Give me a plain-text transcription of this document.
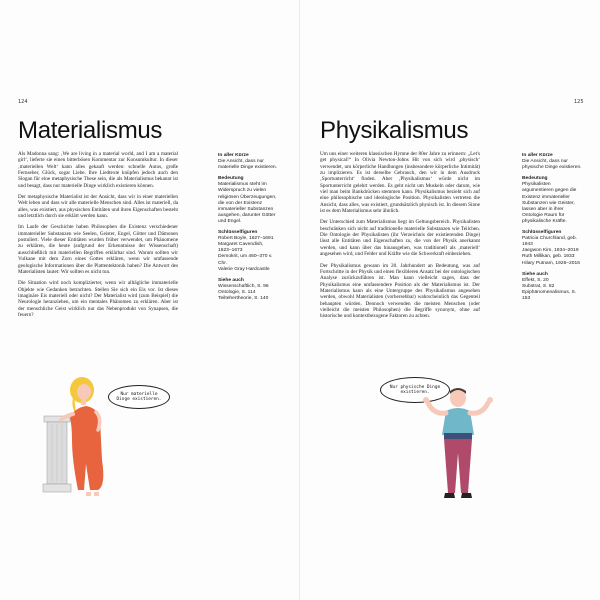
124
Materialismus

Als Madonna sang: ‚We are living in a material world, and I am a material girl‘, lieferte sie einen bitterbösen Kommentar zur Konsumkultur. In dieser ‚materiellen Welt‘ kann alles gekauft werden: schnelle Autos, große Fernseher, Glück, sogar Liebe. Ihre Liedtexte knüpfen jedoch auch den Slogan für eine metaphysische These sein, die als Materialismus bekannt ist und besagt, dass nur materielle Dinge wirklich existieren können.

Der metaphysische Materialist ist der Ansicht, dass wir in einer materiellen Welt leben und dass wir alle materielle Menschen sind. Alles ist materiell, da alles, was existiert, aus physischen Entitäten und ihren Eigenschaften besteht und letztlich durch sie erklärt werden kann.

Im Laufe der Geschichte haben Philosophen die Existenz verschiedener immaterieller Substanzen wie Seelen, Geister, Engel, Götter und Dämonen postuliert. Viele dieser Entitäten wurden früher verwendet, um Phänomene zu erklären, die heute (aufgrund der Erkenntnisse der Wissenschaft) ausschließlich mit materiellen Begriffen erklärbar sind. Warum sollten wir Vulkane mit dem Zorn eines Gottes erklären, wenn wir umfassende geologische Informationen über die Plattentektonik haben? Die Antwort des Materialisten lautet: Wir sollten es nicht tun.

Die Situation wird noch komplizierter, wenn wir alltägliche immaterielle Objekte wie Gedanken betrachten. Stellen Sie sich ein Eis vor. Ist dieses imaginäre Eis materiell oder nicht? Der Materialist wird (zum Beispiel) die Neurologie heranziehen, um ein mentales Phänomen zu erklären. Aber ist der menschliche Geist wirklich nur das Nebenprodukt von Synapsen, die feuern?

In aller Kürze
Die Ansicht, dass nur materielle Dinge existieren.
Bedeutung
Materialismus steht im Widerspruch zu vielen religiösen Überzeugungen, die von der Existenz immaterieller Substanzen ausgehen, darunter Götter und Engel.
Schlüsselfiguren
Robert Boyle, 1627–1691
Margaret Cavendish, 1623–1673
Demokrit, um 460–370 v. Chr.
Valerie Gray Hardcastle
Siehe auch
Wissenschaftlich, S. 96
Ontologie, S. 114
Teiltehertheorie, S. 140
Nur materielle
Dinge existieren.
125
Physikalismus

Um uns einer weiteren klassischen Hymne der 80er Jahre zu erinnern: „Let's get physical!“ In Olivia Newton-Johns Hit von sich wird ‚physisch‘ verwendet, um körperliche Handlungen (insbesondere körperliche Intimität) zu implizieren. Es ist derselbe Gebrauch, den wir in dem Ausdruck ‚Sportunterricht‘ finden. Aber ‚Physikalismus‘ würde nicht im Sportunterricht gelehrt werden. Es geht nicht um Muskeln oder darum, wie viel man beim Bankdrücken stemmen kann. Physikalismus bezieht sich auf eine philosophische und ideologische Position. Physikalisten vertreten die Ansicht, dass alles, was existiert, grundsätzlich physisch ist. In diesem Sinne ist es dem Materialismus sehr ähnlich.

Der Unterschied zum Materialismus liegt im Geltungsbereich. Physikalisten beschränken sich nicht auf traditionelle materielle Substanzen wie Teilchen. Die Ontologie der Physikalisten (ihr Verzeichnis der existierenden Dinge) lässt alle Entitäten und Eigenschaften zu, die von der Physik anerkannt werden, und kann über das hinausgehen, was traditionell als ‚materiell‘ angesehen wird, und Felder und Kräfte wie die Schwerkraft einbeziehen.

Der Physikalismus gewann im 20. Jahrhundert an Bedeutung, was auf Fortschritte in der Physik und einen flexibleren Ansatz bei der ontologischen Analyse zurückzuführen ist. Man kann vielleicht sagen, dass der Physikalismus eine umfassendere Position als der Materialismus ist. Der Materialismus kann als eine Untergruppe des Physikalismus angesehen werden, obwohl Materialisten (vorhersehbar) wahrscheinlich das Gegenteil behaupten würden. Dennoch verwenden die meisten Menschen (oder vielleicht die meisten Philosophen) die Begriffe synonym, ohne auf historische und kontextbezogene Faktoren zu achten.

In aller Kürze
Die Ansicht, dass nur physische Dinge existieren.
Bedeutung
Physikalisten argumentieren gegen die Existenz immaterieller Substanzen wie Geister, lassen aber in ihrer Ontologie Raum für physikalische Kräfte.
Schlüsselfiguren
Patricia Churchland, geb. 1943
Jaegwon Kim, 1934–2019
Ruth Millikan, geb. 1933
Hilary Putnam, 1926–2016
Siehe auch
Effekt, S. 20
Substrat, S. 82
Epiphänomenalismus, S. 153
Nur physische Dinge
existieren.
